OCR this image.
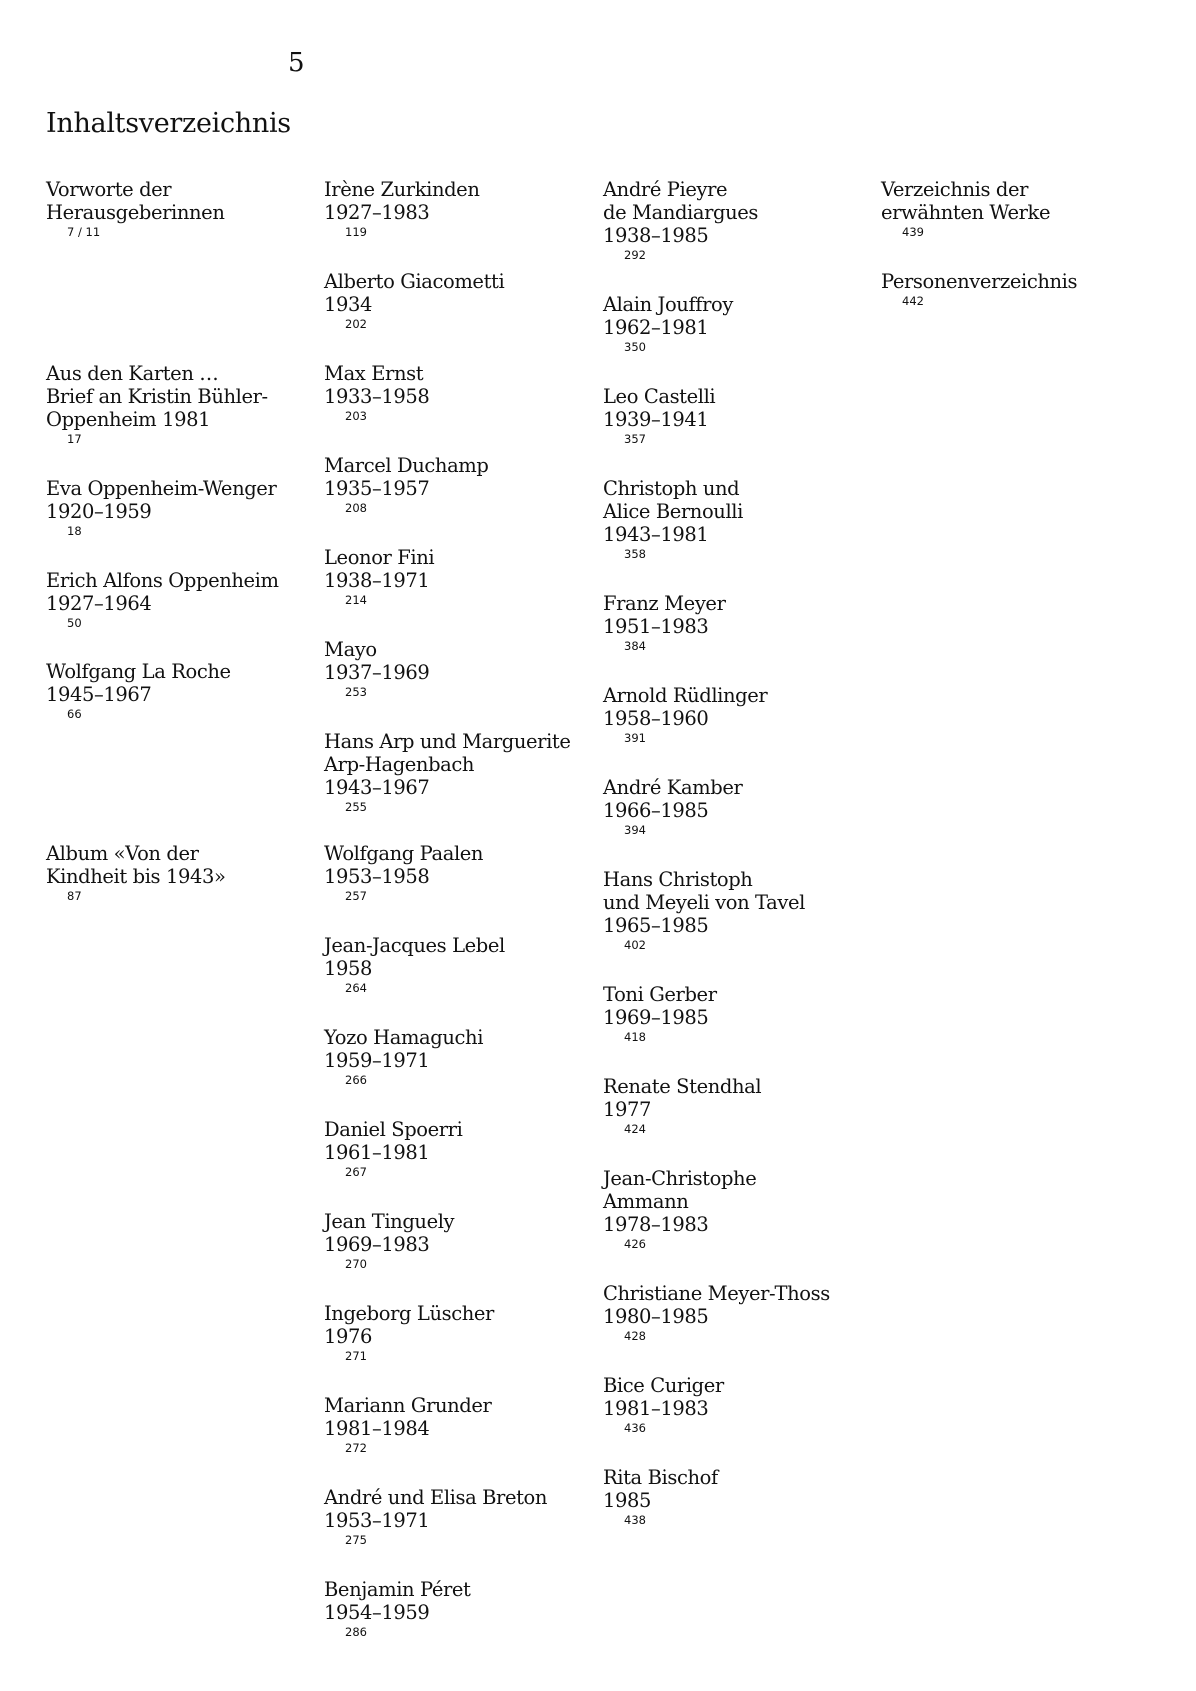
5
Inhaltsverzeichnis
Vorworte der
Herausgeberinnen
7 / 11
Aus den Karten …
Brief an Kristin Bühler-
Oppenheim 1981
17
Eva Oppenheim-Wenger
1920–1959
18
Erich Alfons Oppenheim
1927–1964
50
Wolfgang La Roche
1945–1967
66
Album «Von der
Kindheit bis 1943»
87
Irène Zurkinden
1927–1983
119
Alberto Giacometti
1934
202
Max Ernst
1933–1958
203
Marcel Duchamp
1935–1957
208
Leonor Fini
1938–1971
214
Mayo
1937–1969
253
Hans Arp und Marguerite
Arp-Hagenbach
1943–1967
255
Wolfgang Paalen
1953–1958
257
Jean-Jacques Lebel
1958
264
Yozo Hamaguchi
1959–1971
266
Daniel Spoerri
1961–1981
267
Jean Tinguely
1969–1983
270
Ingeborg Lüscher
1976
271
Mariann Grunder
1981–1984
272
André und Elisa Breton
1953–1971
275
Benjamin Péret
1954–1959
286
André Pieyre
de Mandiargues
1938–1985
292
Alain Jouffroy
1962–1981
350
Leo Castelli
1939–1941
357
Christoph und
Alice Bernoulli
1943–1981
358
Franz Meyer
1951–1983
384
Arnold Rüdlinger
1958–1960
391
André Kamber
1966–1985
394
Hans Christoph
und Meyeli von Tavel
1965–1985
402
Toni Gerber
1969–1985
418
Renate Stendhal
1977
424
Jean-Christophe
Ammann
1978–1983
426
Christiane Meyer-Thoss
1980–1985
428
Bice Curiger
1981–1983
436
Rita Bischof
1985
438
Verzeichnis der
erwähnten Werke
439
Personenverzeichnis
442
